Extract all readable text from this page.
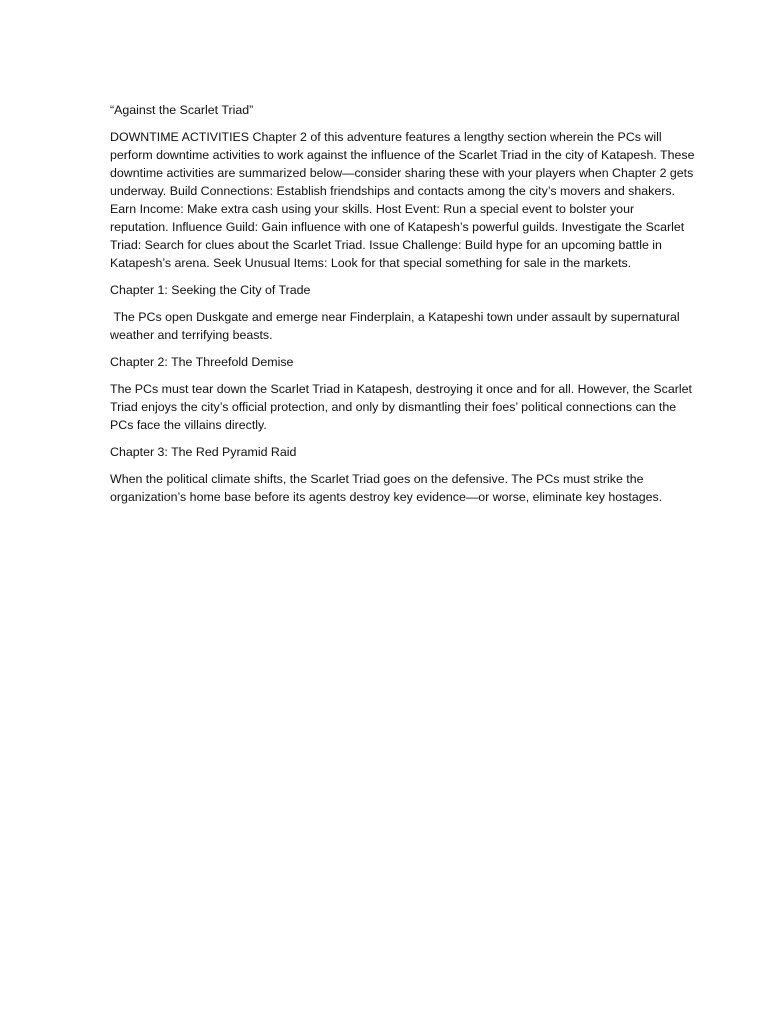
“Against the Scarlet Triad”

DOWNTIME ACTIVITIES Chapter 2 of this adventure features a lengthy section wherein the PCs will perform downtime activities to work against the influence of the Scarlet Triad in the city of Katapesh. These downtime activities are summarized below—consider sharing these with your players when Chapter 2 gets underway. Build Connections: Establish friendships and contacts among the city’s movers and shakers. Earn Income: Make extra cash using your skills. Host Event: Run a special event to bolster your reputation. Influence Guild: Gain influence with one of Katapesh’s powerful guilds. Investigate the Scarlet Triad: Search for clues about the Scarlet Triad. Issue Challenge: Build hype for an upcoming battle in Katapesh’s arena. Seek Unusual Items: Look for that special something for sale in the markets.

Chapter 1: Seeking the City of Trade

The PCs open Duskgate and emerge near Finderplain, a Katapeshi town under assault by supernatural weather and terrifying beasts.

Chapter 2: The Threefold Demise

The PCs must tear down the Scarlet Triad in Katapesh, destroying it once and for all. However, the Scarlet Triad enjoys the city’s official protection, and only by dismantling their foes’ political connections can the PCs face the villains directly.

Chapter 3: The Red Pyramid Raid

When the political climate shifts, the Scarlet Triad goes on the defensive. The PCs must strike the organization’s home base before its agents destroy key evidence—or worse, eliminate key hostages.
